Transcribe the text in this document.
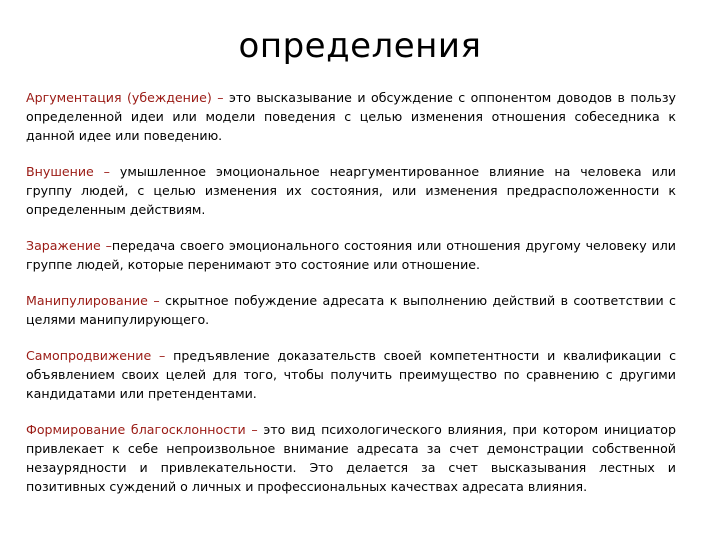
определения

Аргументация (убеждение) – это высказывание и обсуждение с оппонентом доводов в пользу определенной идеи или модели поведения с целью изменения отношения собеседника к данной идее или поведению.

Внушение – умышленное эмоциональное неаргументированное влияние на человека или группу людей, с целью изменения их состояния, или изменения предрасположенности к определенным действиям.

Заражение –передача своего эмоционального состояния или отношения другому человеку или группе людей, которые перенимают это состояние или отношение.

Манипулирование – скрытное побуждение адресата к выполнению действий в соответствии с целями манипулирующего.

Самопродвижение – предъявление доказательств своей компетентности и квалификации с объявлением своих целей для того, чтобы получить преимущество по сравнению с другими кандидатами или претендентами.

Формирование благосклонности – это вид психологического влияния, при котором инициатор привлекает к себе непроизвольное внимание адресата за счет демонстрации собственной незаурядности и привлекательности. Это делается за счет высказывания лестных и позитивных суждений о личных и профессиональных качествах адресата влияния.
